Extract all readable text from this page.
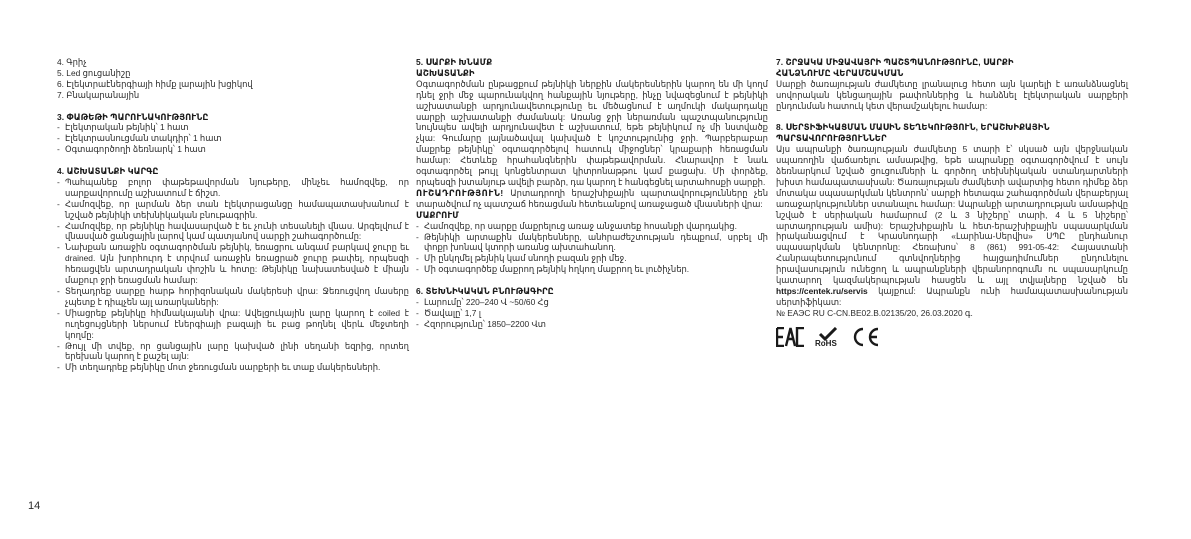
4. Գրիչ
5. Led ցուցանիշը
6. Էլեկտրաէներգիայի հիմք լարային խցիկով
7. Բնակարանային
3. ՓԱԹԵԹԻ ՊԱՐՈՒՆԱԿՈՒԹՅՈՒՆԸ
- Էլեկտրական թեյնիկ՝ 1 հատ
- Էլեկտրասնուցման տակդիր՝ 1 հատ
- Օգտագործողի ձեռնարկ՝ 1 հատ
4. ԱՇԽԱՏԱՆՔԻ ԿԱՐԳԸ
- Պահպանեք բոլոր փաթեթավորման նյութերը, մինչեւ համոզվեք, որ սարքավորումը աշխատում է ճիշտ.
- Համոզվեք, որ լարման ձեր տան էլեկտրացանցը համապատասխանում է նշված թեյնիկի տեխնիկական բնութագրին.
- Համոզվեք, որ թեյնիկը հավասարված է եւ չունի տեսանելի վնաս. Արգելվում է վնասված ցանցային լարով կամ պատյանով սարքի շահագործումը:
- Նախքան առաջին օգտագործման թեյնիկ, եռացրու անգամ բարկավ ջուրը եւ drained. Այն խորհուրդ է տրվում առաջին եռացրած ջուրը թափել, որպեսզի հեռացվեն արտադրական փոշին և հոտը: Թեյնիկը նախատեսված է միայն մաքուր ջրի եռացման համար:
- Տեղադրեք սարքը հարթ հորիզոնական մակերեսի վրա: Ջեռուցվող մասերը չպետք է դիպչեն այլ առարկաների:
- Միացրեք թեյնիկը հիմնակայանի վրա: Ավելցուկային լարը կարող է coiled է ուղեցույցների ներսում էներգիայի բազայի եւ բաց թողնել վերև մեջտեղի կողմը:
- Թույլ մի տվեք, որ ցանցային լարը կախված լինի սեղանի եզրից, որտեղ երեխան կարող է քաշել այն:
- Մի տեղադրեք թեյնիկը մոտ ջեռուցման սարքերի եւ տաք մակերեսների.
5. ՍԱՐՔԻ ԽՆԱՄՔ
ԱՇԽԱՏԱՆՔԻ

Օգտագործման ընթացքում թեյնիկի ներքին մակերեսներին կարող են մի կողմ դնել ջրի մեջ պարունակվող հանքային նյութերը, ինչը նվազեցնում է թեյնիկի աշխատանքի արդյունավետությունը եւ մեծացնում է աղմուկի մակարդակը սարքի աշխատանքի ժամանակ: Առանց ջրի ներառման պաշտպանությունը նույնպես ավելի արդյունավետ է աշխատում, եթե թեյնիկում ոչ մի նստվածք չկա: Գումարը լայնածավալ կախված է կոշտությունից ջրի. Պարբերաբար մաքրեք թեյնիկը՝ օգտագործելով հատուկ միջոցներ՝ կրաքարի հեռացման համար: Հետևեք հրահանգներին փաթեթավորման. Հնարավոր է նաև օգտագործել թույլ կոնցենտրատ կիտրոնաթթու կամ քացախ. Մի փորձեք, որպեսզի խտանյութ ավելի բարձր, դա կարող է հանգեցնել արտահոսքի սարքի.

ՈՒՇԱԴՐՈՒԹՅՈՒՆ! Արտադրողի երաշխիքային պարտավորությունները չեն տարածվում ոչ պատշաճ հեռացման հետեւանքով առաջացած վնասների վրա:

ՄԱՔՐՈՒՄ
- Համոզվեք, որ սարքը մաքրելուց առաջ անջատեք հոսանքի վարդակից.
- Թեյնիկի արտաքին մակերեսները, անհրաժեշտության դեպքում, սրբել մի փոքր խոնավ կտորի առանց ախտահանող.
- Մի ընկղմել թեյնիկ կամ սնողի բազան ջրի մեջ.
- Մի օգտագործեք մաքրող թեյնիկ հղկող մաքրող եւ լուծիչներ.
6. ՏԵԽՆԻԿԱԿԱՆ ԲՆՈՒԹԱԳԻՐԸ
- Լարումը՝ 220–240 Վ ~50/60 Հց
- Ծավալը՝ 1,7 լ
- Հզորությունը՝ 1850–2200 Վտ
7. ՇՐՋԱԿԱ ՄԻՋԱՎԱՅՐԻ ՊԱՇՏՊԱՆՈՒԹՅՈՒՆԸ, ՍԱՐՔԻ
ՀԱՆՁՆՈՒՄԸ ՎԵՐԱՄՇԱԿՄԱՆ

Սարքի ծառայության ժամկետը լրանալուց հետո այն կարելի է առանձնացնել սովորական կենցաղային թափոններից և հանձնել էլեկտրական սարքերի ընդունման հատուկ կետ վերամշակելու համար:

8. ՍԵՐՏԻՖԻԿԱՑՄԱՆ ՄԱՍԻՆ ՏԵՂԵԿՈՒԹՅՈՒՆ, ԵՐԱՇԽԻՔԱՅԻՆ
ՊԱՐՏԱՎՈՐՈՒԹՅՈՒՆՆԵՐ

Այս ապրանքի ծառայության ժամկետը 5 տարի է՝ սկսած այն վերջնական սպառողին վաճառելու ամսաթվից, եթե ապրանքը օգտագործվում է սույն ձեռնարկում նշված ցուցումների և գործող տեխնիկական ստանդարտների խիստ համապատասխան: Ծառայության ժամկետի ավարտից հետո դիմեք ձեր մոտակա սպասարկման կենտրոն՝ սարքի հետագա շահագործման վերաբերյալ առաջարկություններ ստանալու համար: Ապրանքի արտադրության ամսաթիվը նշված է սերիական համարում (2 և 3 նիշերը՝ տարի, 4 և 5 նիշերը՝ արտադրության ամիս): Երաշխիքային և հետ-երաշխիքային սպասարկման իրականացվում է Կրասնոդարի «Լարինա-Սերվիս» ՍՊԸ ընդհանուր սպասարկման կենտրոնը: Հեռախոս՝ 8 (861) 991-05-42: Հայաստանի Հանրապետությունում գտնվողներից հայցադիմումներ ընդունելու իրավասություն ունեցող և ապրանքների վերանորոգումն ու սպասարկումը կատարող կազմակերպության հասցեն և այլ տվյալները նշված են https://centek.ru/servis կայքում: Ապրանքն ունի համապատասխանության սերտիֆիկատ:

№ ЕАЭС RU С-CN.ВЕ02.В.02135/20, 26.03.2020 գ.

RoHS
14
